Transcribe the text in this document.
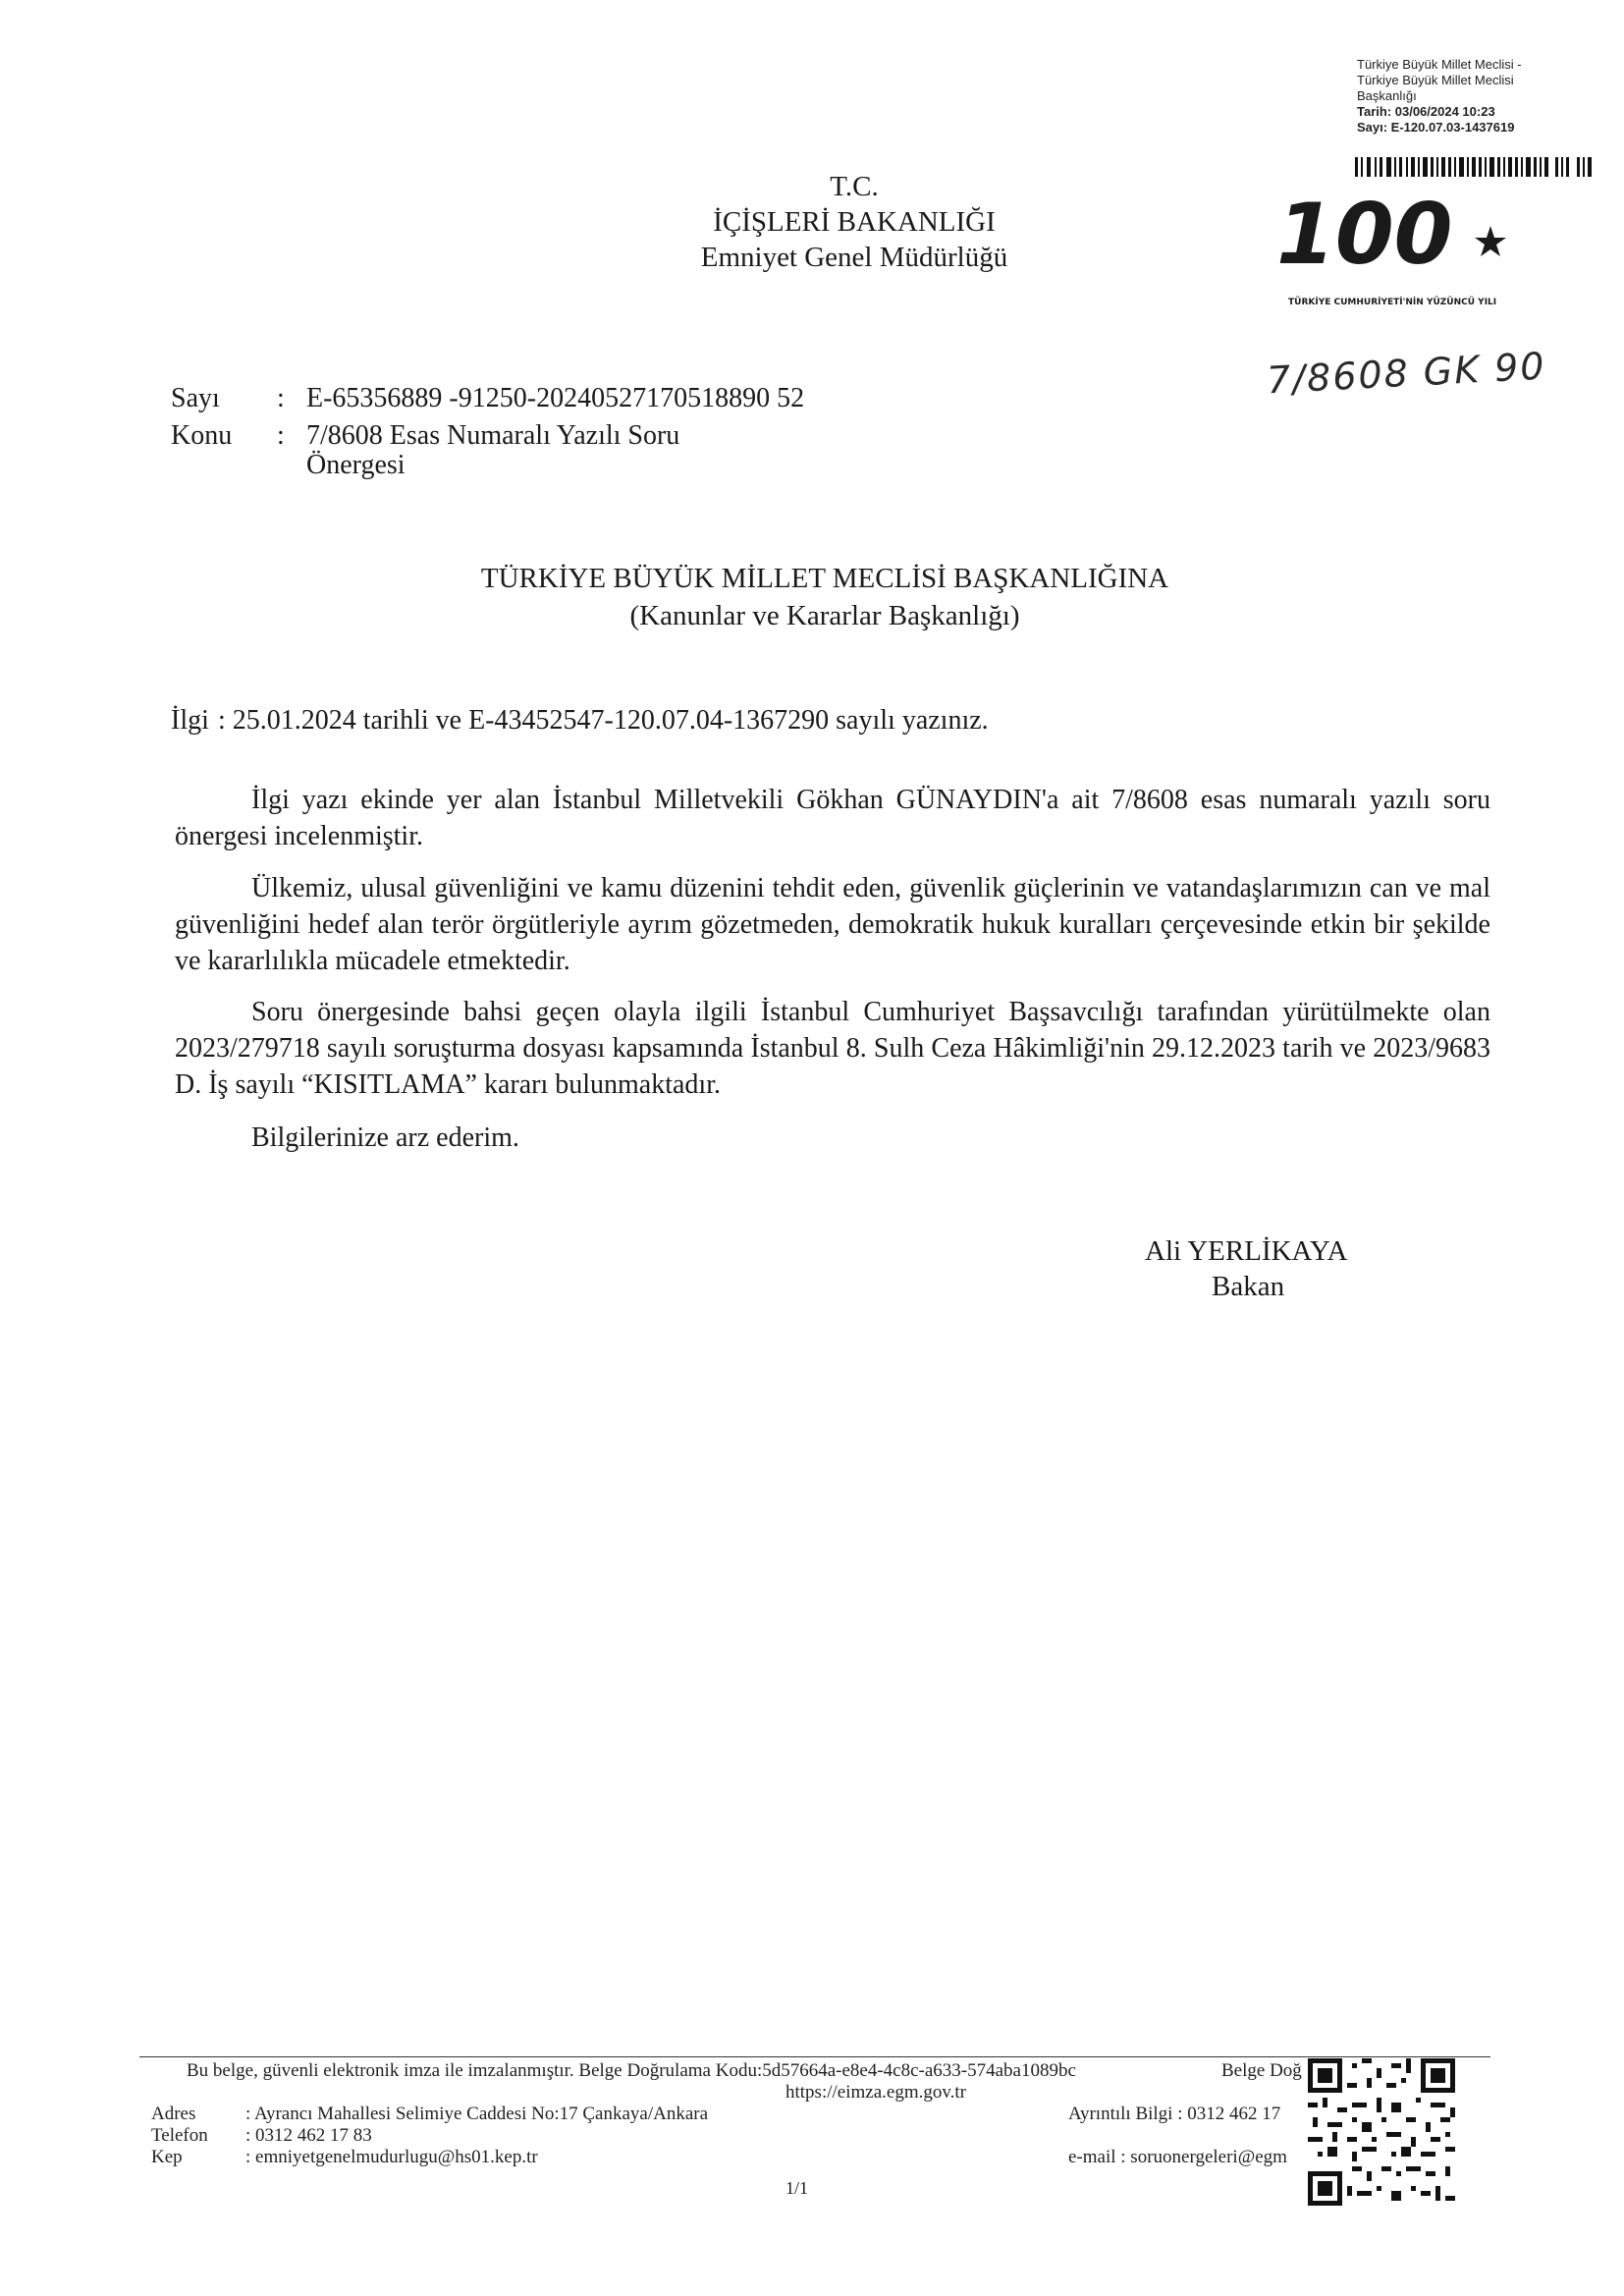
Türkiye Büyük Millet Meclisi -
Türkiye Büyük Millet Meclisi
Başkanlığı
Tarih: 03/06/2024 10:23
Sayı: E-120.07.03-1437619
100
TÜRKİYE CUMHURİYETİ'NİN YÜZÜNCÜ YILI
7/8608 GK 90
T.C.
İÇİŞLERİ BAKANLIĞI
Emniyet Genel Müdürlüğü
Sayı : E-65356889 -91250-20240527170518890 52
Konu : 7/8608 Esas Numaralı Yazılı Soru
Önergesi
TÜRKİYE BÜYÜK MİLLET MECLİSİ BAŞKANLIĞINA
(Kanunlar ve Kararlar Başkanlığı)
İlgi : 25.01.2024 tarihli ve E-43452547-120.07.04-1367290 sayılı yazınız.

İlgi yazı ekinde yer alan İstanbul Milletvekili Gökhan GÜNAYDIN'a ait 7/8608 esas numaralı yazılı soru önergesi incelenmiştir.

Ülkemiz, ulusal güvenliğini ve kamu düzenini tehdit eden, güvenlik güçlerinin ve vatandaşlarımızın can ve mal güvenliğini hedef alan terör örgütleriyle ayrım gözetmeden, demokratik hukuk kuralları çerçevesinde etkin bir şekilde ve kararlılıkla mücadele etmektedir.

Soru önergesinde bahsi geçen olayla ilgili İstanbul Cumhuriyet Başsavcılığı tarafından yürütülmekte olan 2023/279718 sayılı soruşturma dosyası kapsamında İstanbul 8. Sulh Ceza Hâkimliği'nin 29.12.2023 tarih ve 2023/9683 D. İş sayılı “KISITLAMA” kararı bulunmaktadır.

Bilgilerinize arz ederim.

Ali YERLİKAYA
Bakan
Bu belge, güvenli elektronik imza ile imzalanmıştır. Belge Doğrulama Kodu:5d57664a-e8e4-4c8c-a633-574aba1089bc	Belge Doğ
https://eimza.egm.gov.tr
Adres	: Ayrancı Mahallesi Selimiye Caddesi No:17 Çankaya/Ankara	Ayrıntılı Bilgi : 0312 462 17
Telefon : 0312 462 17 83
Kep	: emniyetgenelmudurlugu@hs01.kep.tr	e-mail : soruonergeleri@egm
1/1
